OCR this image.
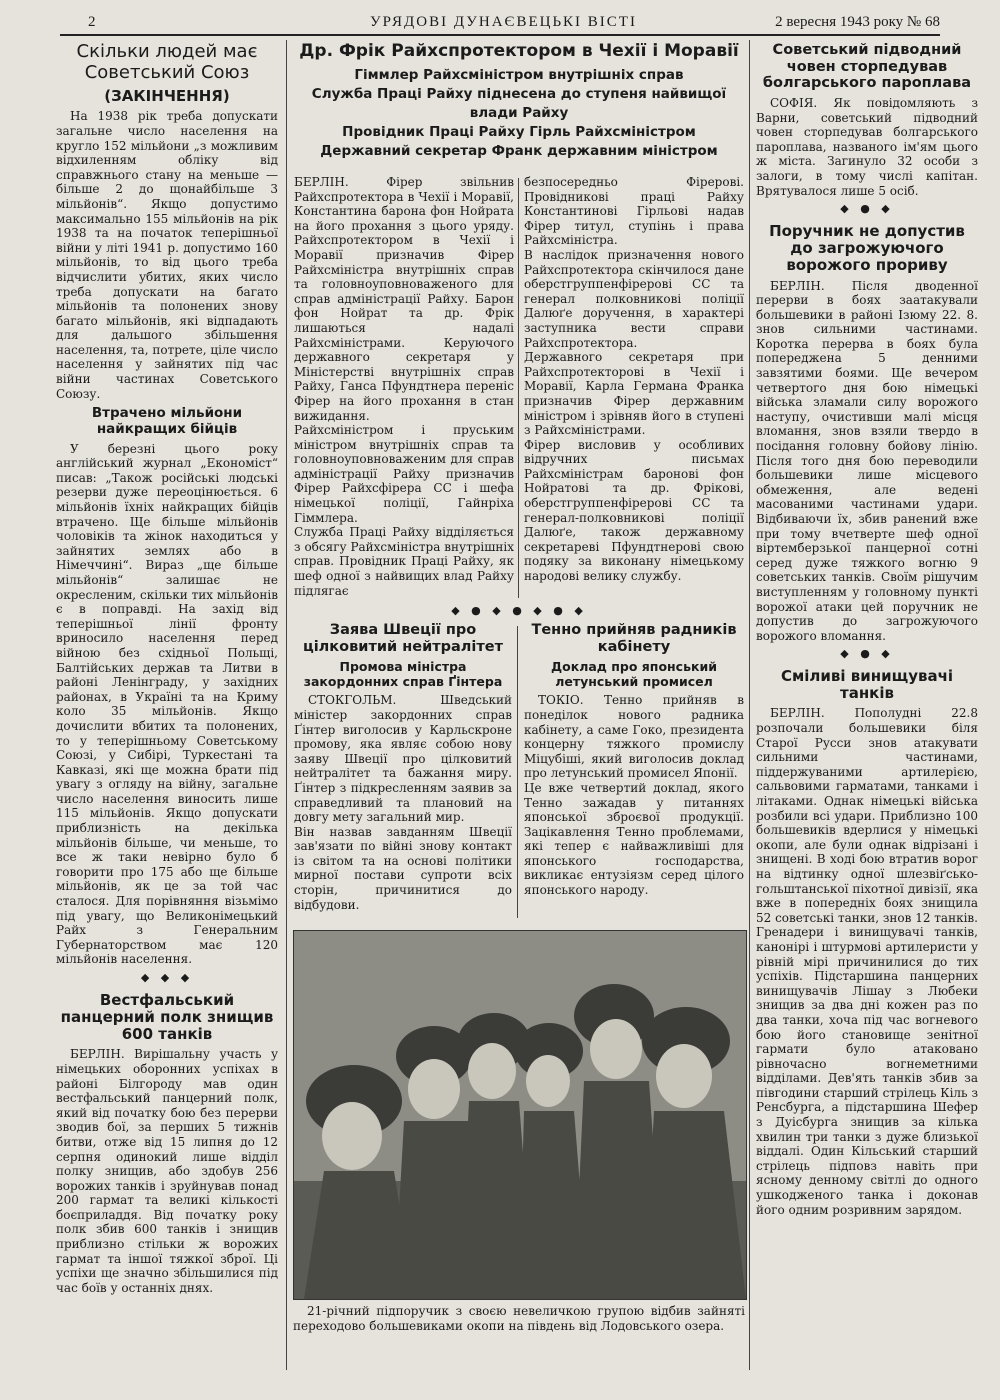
2	УРЯДОВІ ДУНАЄВЕЦЬКІ ВІСТІ	2 вересня 1943 року № 68
Скільки людей має Советський Союз
(ЗАКІНЧЕННЯ)

На 1938 рік треба допускати загальне число населення на круглo 152 мільйони „з можливим відхиленням обліку від справжнього стану на меньше — більше 2 до щонайбільше 3 мільйонів“. Якщо допустимо максимально 155 мільйонів на рік 1938 та на початок теперішньої війни у літі 1941 р. допустимо 160 мільйонів, то від цього треба відчислити убитих, яких число треба допускати на багато мільйонів та полонених знову багато мільйонів, які відпадають для дальшого збільшення населення, та, потрете, ціле число населення у зайнятих під час війни частинах Советського Союзу.

Втрачено мільйони найкращих бійців

У березні цього року англійський журнал „Економіст“ писав: „Також російські людські резерви дуже переоцінюється. 6 мільйонів їхніх найкращих бійців втрачено. Ще більше мільйонів чоловіків та жінок находиться у зайнятих землях або в Німеччині“. Вираз „ще більше мільйонів“ залишає не окресленим, скільки тих мільйонів є в поправді. На захід від теперішньої лінії фронту вриносило населення перед війною без східньої Польщі, Балтійських держав та Литви в районі Ленінграду, у західних районах, в Україні та на Криму коло 35 мільйонів. Якщо дочислити вбитих та полонених, то у теперішньому Советському Союзі, у Сибірі, Туркестані та Кавказі, які ще можна брати під увагу з огляду на війну, загальне число населення виносить лише 115 мільйонів. Якщо допускати приблизність на декілька мільйонів більше, чи меньше, то все ж таки невірно було б говорити про 175 або ще більше мільйонів, як це за той час сталося. Для порівняння візьмімо під увагу, що Великонімецький Райх з Генеральним Губернаторством має 120 мільйонів населення.

◆ ◆ ◆
Вестфальський панцерний полк знищив 600 танків

БЕРЛІН. Вирішальну участь у німецьких оборонних успіхах в районі Білгороду мав один вестфальський панцерний полк, який від початку бою без перерви зводив бої, за перших 5 тижнів битви, отже від 15 липня до 12 серпня одинокий лише відділ полку знищив, або здобув 256 ворожих танків і зруйнував понад 200 гармат та великі кількості боєприладдя. Від початку року полк збив 600 танків і знищив приблизно стільки ж ворожих гармат та іншої тяжкої зброї. Ці успіхи ще значно збільшилися під час боїв у останніх днях.

Др. Фрік Райхспротектором в Чехії і Моравії
Гіммлер Райхсміністром внутрішніх справ
Служба Праці Райху піднесена до ступеня найвищої влади Райху
Провідник Праці Райху Гірль Райхсміністром
Державний секретар Франк державним міністром
БЕРЛІН. Фірер звільнив Райхспротектора в Чехії і Моравії, Константина барона фон Нойрата на його прохання з цього уряду. Райхспротектором в Чехії і Моравії призначив Фірер Райхсміністра внутрішніх справ та головноуповноваженого для справ адміністрації Райху. Барон фон Нойрат та др. Фрік лишаються надалі Райхсміністрами. Керуючого державного секретаря у Міністерстві внутрішніх справ Райху, Ганса Пфундтнера переніс Фірер на його прохання в стан вижидання.
Райхсміністром і пруським міністром внутрішніх справ та головноуповноваженим для справ адміністрації Райху призначив Фірер Райхсфірера СС і шефа німецької поліції, Гайнріха Гіммлера.
Служба Праці Райху відділяється з обсягу Райхсміністра внутрішніх справ. Провідник Праці Райху, як шеф одної з найвищих влад Райху підлягає
безпосередньо Фірерові. Провідникові праці Райху Константинові Гірльові надав Фірер титул, ступінь і права Райхсміністра.
В наслідок призначення нового Райхспротектора скінчилося дане оберстгруппенфірерові СС та генерал полковникові поліції Далюґе доручення, в характері заступника вести справи Райхспротектора.
Державного секретаря при Райхспротекторові в Чехії і Моравії, Карла Германа Франка призначив Фірер державним міністром і зрівняв його в ступені з Райхсміністрами.
Фірер висловив у особливих відручних письмах Райхсміністрам баронові фон Нойратові та др. Фрікові, оберстгруппенфірерові СС та генерал-полковникові поліції Далюґе, також державному секретареві Пфундтнерові свою подяку за виконану німецькому народові велику службу.
◆ ● ◆ ● ◆ ● ◆
Заява Швеції про цілковитий нейтралітет
Промова міністра закордонних справ Ґінтера

СТОКГОЛЬМ. Шведський міністер закордонних справ Ґінтер виголосив у Карльскроне промову, яка являє собою нову заяву Швеції про цілковитий нейтралітет та бажання миру. Ґінтер з підкресленням заявив за справедливий та плановий на довгу мету загальний мир.
Він назвав завданням Швеції зав'язати по війні знову контакт із світом та на основі політики мирної постави супроти всіх сторін, причинитися до відбудови.

Тенно прийняв радників кабінету
Доклад про японський летунський промисел

ТОКІО. Тенно прийняв в понеділок нового радника кабінету, а саме Гоко, президента концерну тяжкого промислу Міцубіші, який виголосив доклад про летунський промисел Японії.
Це вже четвертий доклад, якого Тенно зажадав у питаннях японської зброєвої продукції. Зацікавлення Тенно проблемами, які тепер є найважливіші для японського господарства, викликає ентузіязм серед цілого японського народу.

21-річний підпоручик з своєю невеличкою групою відбив зайняті переходово большевиками окопи на південь від Лодовського озера.
Советський підводний човен сторпедував болгарського пароплава

СОФІЯ. Як повідомляють з Варни, советський підводний човен сторпедував болгарського пароплава, названого ім'ям цього ж міста. Загинуло 32 особи з залоги, в тому числі капітан. Врятувалося лише 5 осіб.

◆ ● ◆
Поручник не допустив до загрожуючого ворожого прориву

БЕРЛІН. Після дводенної перерви в боях зaатакували большевики в районі Ізюму 22. 8. знов сильними частинами. Коротка перерва в боях була попереджена 5 денними завзятими боями. Ще вечером четвертого дня бою німецькі війська зламали силу ворожого наступу, очистивши малі місця вломання, знов взяли твердо в посідання головну бойову лінію. Після того дня бою переводили большевики лише місцевого обмеження, але ведені масованими частинами удари. Відбиваючи їх, збив ранений вже при тому вчетверте шеф одної віртемберзької панцерної сотні серед дуже тяжкого вогню 9 советських танків. Своїм рішучим виступленням у головному пункті ворожої атаки цей поручник не допустив до загрожуючого ворожого вломання.

◆ ● ◆
Сміливі винищувачі танків

БЕРЛІН. Пополудні 22.8 розпочали большевики біля Старої Русси знов атакувати сильними частинами, піддержуваними артилерією, сальвовими гарматами, танками і літаками. Однак німецькі війська розбили всі удари. Приблизно 100 большевиків вдерлися у німецькі окопи, але були однак відрізані і знищені. В ході бою втратив ворог на відтинку одної шлезвіґсько-гольштанської піхотної дивізії, яка вже в попередніх боях знищила 52 советські танки, знов 12 танків. Гренадери і винищувачі танків, канонірі і штурмові артилеристи у рівній мірі причинилися до тих успіхів. Підстаршина панцерних винищувачів Лішау з Любеки знищив за два дні кожен раз по два танки, хоча під час вогневого бою його становище зенітної гармати було атаковано рівночасно вогнеметними відділами. Дев'ять танків збив за півгодини старший стрілець Кіль з Ренсбурга, а підстаршина Шефер з Дуісбурга знищив за кілька хвилин три танки з дуже близької віддалі. Один Кільський старший стрілець підповз навіть при ясному денному світлі до одного ушкодженого танка і доконав його одним розривним зарядом.
